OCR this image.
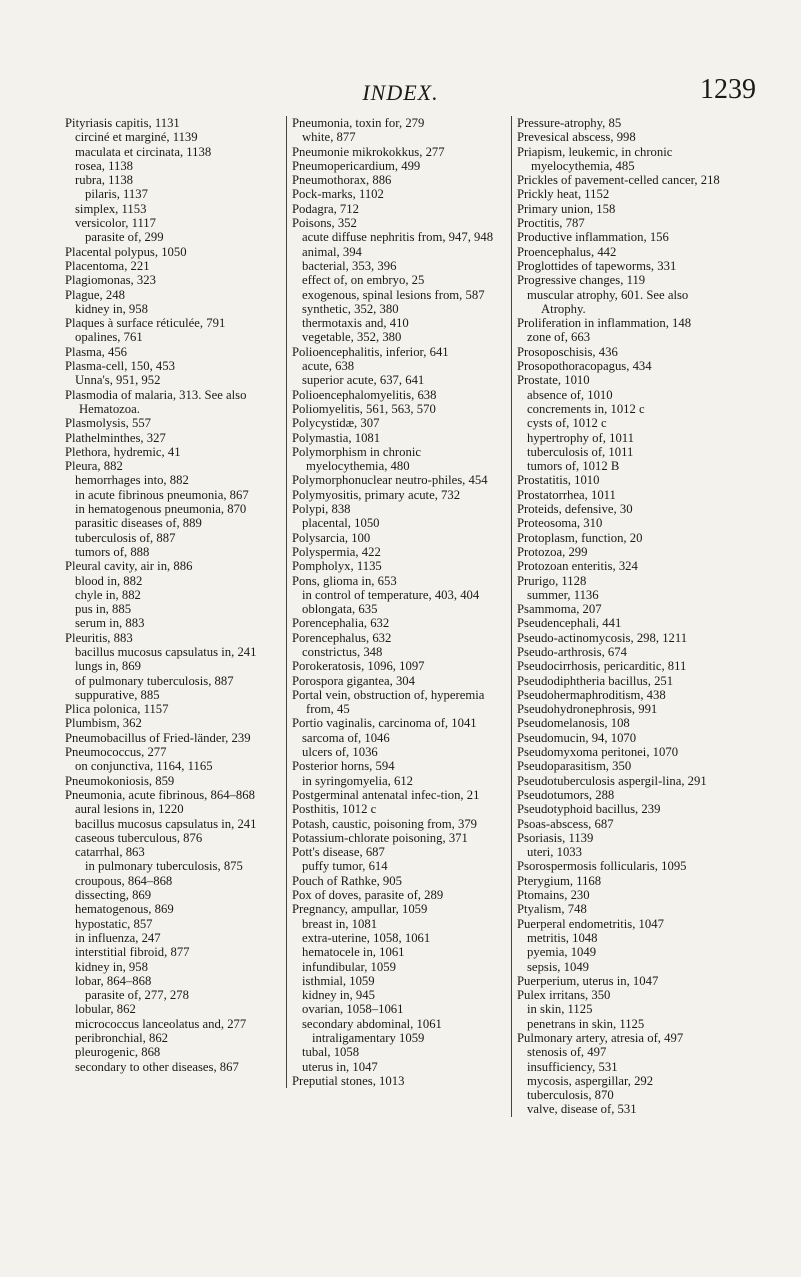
INDEX.	1239

Pityriasis capitis, 1131

circiné et marginé, 1139

maculata et circinata, 1138

rosea, 1138

rubra, 1138

pilaris, 1137

simplex, 1153

versicolor, 1117

parasite of, 299

Placental polypus, 1050

Placentoma, 221

Plagiomonas, 323

Plague, 248

kidney in, 958

Plaques à surface réticulée, 791

opalines, 761

Plasma, 456

Plasma-cell, 150, 453

Unna's, 951, 952

Plasmodia of malaria, 313. See also Hematozoa.

Plasmolysis, 557

Plathelminthes, 327

Plethora, hydremic, 41

Pleura, 882

hemorrhages into, 882

in acute fibrinous pneumonia, 867

in hematogenous pneumonia, 870

parasitic diseases of, 889

tuberculosis of, 887

tumors of, 888

Pleural cavity, air in, 886

blood in, 882

chyle in, 882

pus in, 885

serum in, 883

Pleuritis, 883

bacillus mucosus capsulatus in, 241

lungs in, 869

of pulmonary tuberculosis, 887

suppurative, 885

Plica polonica, 1157

Plumbism, 362

Pneumobacillus of Fried-länder, 239

Pneumococcus, 277

on conjunctiva, 1164, 1165

Pneumokoniosis, 859

Pneumonia, acute fibrinous, 864–868

aural lesions in, 1220

bacillus mucosus capsulatus in, 241

caseous tuberculous, 876

catarrhal, 863

in pulmonary tuberculosis, 875

croupous, 864–868

dissecting, 869

hematogenous, 869

hypostatic, 857

in influenza, 247

interstitial fibroid, 877

kidney in, 958

lobar, 864–868

parasite of, 277, 278

lobular, 862

micrococcus lanceolatus and, 277

peribronchial, 862

pleurogenic, 868

secondary to other diseases, 867

Pneumonia, toxin for, 279

white, 877

Pneumonie mikrokokkus, 277

Pneumopericardium, 499

Pneumothorax, 886

Pock-marks, 1102

Podagra, 712

Poisons, 352

acute diffuse nephritis from, 947, 948

animal, 394

bacterial, 353, 396

effect of, on embryo, 25

exogenous, spinal lesions from, 587

synthetic, 352, 380

thermotaxis and, 410

vegetable, 352, 380

Polioencephalitis, inferior, 641

acute, 638

superior acute, 637, 641

Polioencephalomyelitis, 638

Poliomyelitis, 561, 563, 570

Polycystidæ, 307

Polymastia, 1081

Polymorphism in chronic myelocythemia, 480

Polymorphonuclear neutro-philes, 454

Polymyositis, primary acute, 732

Polypi, 838

placental, 1050

Polysarcia, 100

Polyspermia, 422

Pompholyx, 1135

Pons, glioma in, 653

in control of temperature, 403, 404

oblongata, 635

Porencephalia, 632

Porencephalus, 632

constrictus, 348

Porokeratosis, 1096, 1097

Porospora gigantea, 304

Portal vein, obstruction of, hyperemia from, 45

Portio vaginalis, carcinoma of, 1041

sarcoma of, 1046

ulcers of, 1036

Posterior horns, 594

in syringomyelia, 612

Postgerminal antenatal infec-tion, 21

Posthitis, 1012 c

Potash, caustic, poisoning from, 379

Potassium-chlorate poisoning, 371

Pott's disease, 687

puffy tumor, 614

Pouch of Rathke, 905

Pox of doves, parasite of, 289

Pregnancy, ampullar, 1059

breast in, 1081

extra-uterine, 1058, 1061

hematocele in, 1061

infundibular, 1059

isthmial, 1059

kidney in, 945

ovarian, 1058–1061

secondary abdominal, 1061

intraligamentary 1059

tubal, 1058

uterus in, 1047

Preputial stones, 1013

Pressure-atrophy, 85

Prevesical abscess, 998

Priapism, leukemic, in chronic myelocythemia, 485

Prickles of pavement-celled cancer, 218

Prickly heat, 1152

Primary union, 158

Proctitis, 787

Productive inflammation, 156

Proencephalus, 442

Proglottides of tapeworms, 331

Progressive changes, 119

muscular atrophy, 601. See also Atrophy.

Proliferation in inflammation, 148

zone of, 663

Prosoposchisis, 436

Prosopothoracopagus, 434

Prostate, 1010

absence of, 1010

concrements in, 1012 c

cysts of, 1012 c

hypertrophy of, 1011

tuberculosis of, 1011

tumors of, 1012 B

Prostatitis, 1010

Prostatorrhea, 1011

Proteids, defensive, 30

Proteosoma, 310

Protoplasm, function, 20

Protozoa, 299

Protozoan enteritis, 324

Prurigo, 1128

summer, 1136

Psammoma, 207

Pseudencephali, 441

Pseudo-actinomycosis, 298, 1211

Pseudo-arthrosis, 674

Pseudocirrhosis, pericarditic, 811

Pseudodiphtheria bacillus, 251

Pseudohermaphroditism, 438

Pseudohydronephrosis, 991

Pseudomelanosis, 108

Pseudomucin, 94, 1070

Pseudomyxoma peritonei, 1070

Pseudoparasitism, 350

Pseudotuberculosis aspergil-lina, 291

Pseudotumors, 288

Pseudotyphoid bacillus, 239

Psoas-abscess, 687

Psoriasis, 1139

uteri, 1033

Psorospermosis follicularis, 1095

Pterygium, 1168

Ptomains, 230

Ptyalism, 748

Puerperal endometritis, 1047

metritis, 1048

pyemia, 1049

sepsis, 1049

Puerperium, uterus in, 1047

Pulex irritans, 350

in skin, 1125

penetrans in skin, 1125

Pulmonary artery, atresia of, 497

stenosis of, 497

insufficiency, 531

mycosis, aspergillar, 292

tuberculosis, 870

valve, disease of, 531
